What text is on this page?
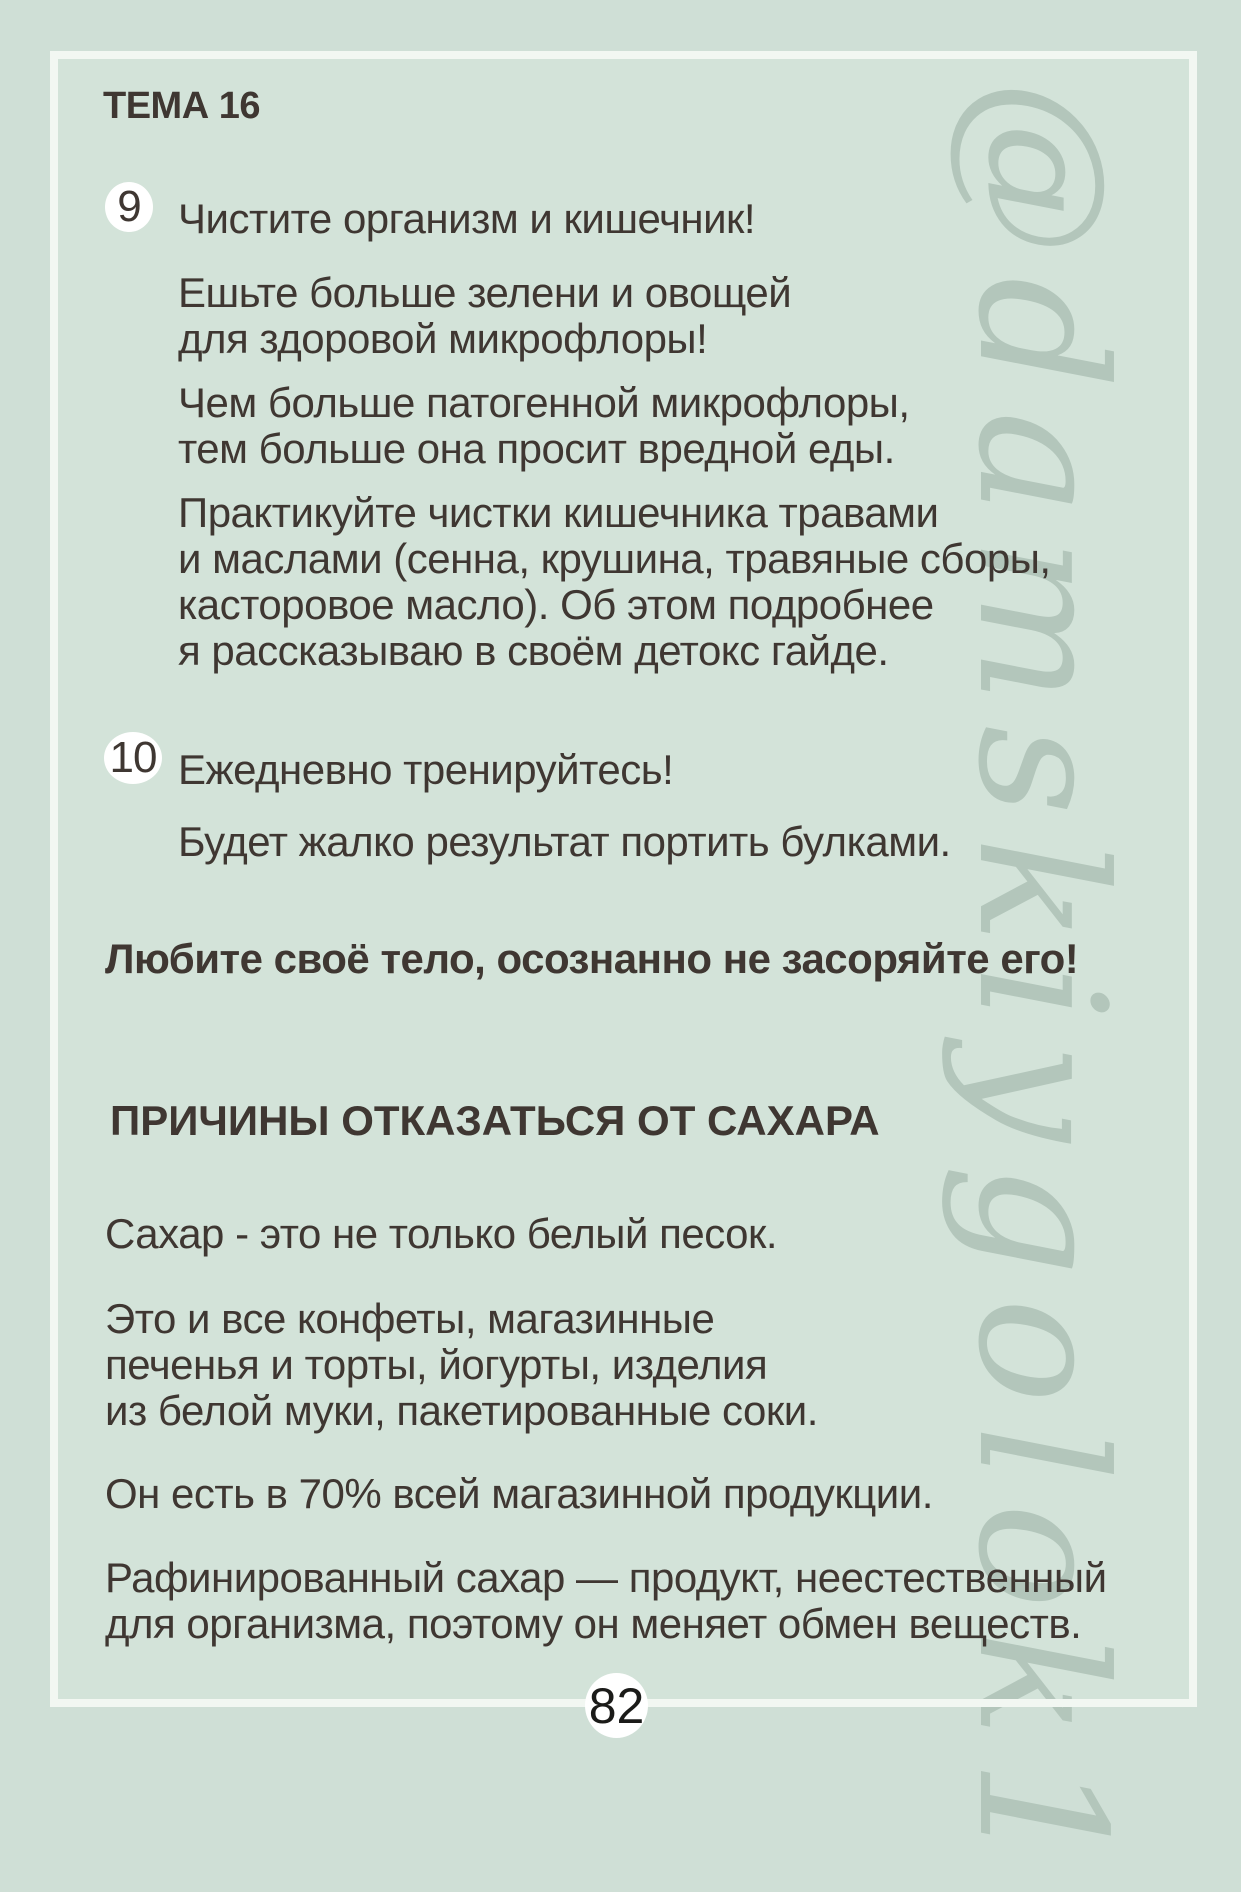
@damskiygolok1
ТЕМА 16
9 Чистите организм и кишечник!
Ешьте больше зелени и овощей
для здоровой микрофлоры!
Чем больше патогенной микрофлоры,
тем больше она просит вредной еды.
Практикуйте чистки кишечника травами
и маслами (сенна, крушина, травяные сборы,
касторовое масло). Об этом подробнее
я рассказываю в своём детокс гайде.
10 Ежедневно тренируйтесь!
Будет жалко результат портить булками.
Любите своё тело, осознанно не засоряйте его!
ПРИЧИНЫ ОТКАЗАТЬСЯ ОТ САХАРА
Сахар - это не только белый песок.
Это и все конфеты, магазинные
печенья и торты, йогурты, изделия
из белой муки, пакетированные соки.
Он есть в 70% всей магазинной продукции.
Рафинированный сахар — продукт, неестественный
для организма, поэтому он меняет обмен веществ.
82
